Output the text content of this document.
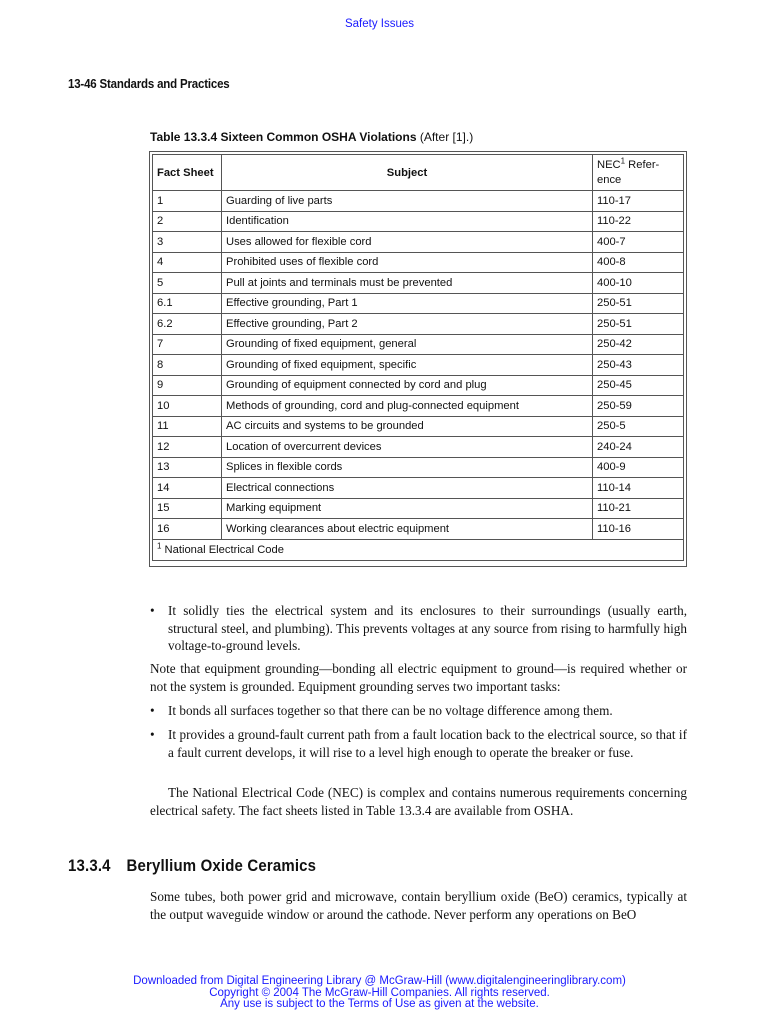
Safety Issues
13-46 Standards and Practices
Table 13.3.4 Sixteen Common OSHA Violations (After [1].)
Fact Sheet	Subject	NEC$^1$ Refer-ence
1	Guarding of live parts	110-17
2	Identification	110-22
3	Uses allowed for flexible cord	400-7
4	Prohibited uses of flexible cord	400-8
5	Pull at joints and terminals must be prevented	400-10
6.1	Effective grounding, Part 1	250-51
6.2	Effective grounding, Part 2	250-51
7	Grounding of fixed equipment, general	250-42
8	Grounding of fixed equipment, specific	250-43
9	Grounding of equipment connected by cord and plug	250-45
10	Methods of grounding, cord and plug-connected equipment	250-59
11	AC circuits and systems to be grounded	250-5
12	Location of overcurrent devices	240-24
13	Splices in flexible cords	400-9
14	Electrical connections	110-14
15	Marking equipment	110-21
16	Working clearances about electric equipment	110-16
$^1$ National Electrical Code		
• It solidly ties the electrical system and its enclosures to their surroundings (usually earth, structural steel, and plumbing). This prevents voltages at any source from rising to harmfully high voltage-to-ground levels.
Note that equipment grounding—bonding all electric equipment to ground—is required whether or not the system is grounded. Equipment grounding serves two important tasks:
• It bonds all surfaces together so that there can be no voltage difference among them.
• It provides a ground-fault current path from a fault location back to the electrical source, so that if a fault current develops, it will rise to a level high enough to operate the breaker or fuse.
The National Electrical Code (NEC) is complex and contains numerous requirements concerning electrical safety. The fact sheets listed in Table 13.3.4 are available from OSHA.
13.3.4 Beryllium Oxide Ceramics
Some tubes, both power grid and microwave, contain beryllium oxide (BeO) ceramics, typically at the output waveguide window or around the cathode. Never perform any operations on BeO
Downloaded from Digital Engineering Library @ McGraw-Hill (www.digitalengineeringlibrary.com)
Copyright © 2004 The McGraw-Hill Companies. All rights reserved.
Any use is subject to the Terms of Use as given at the website.
